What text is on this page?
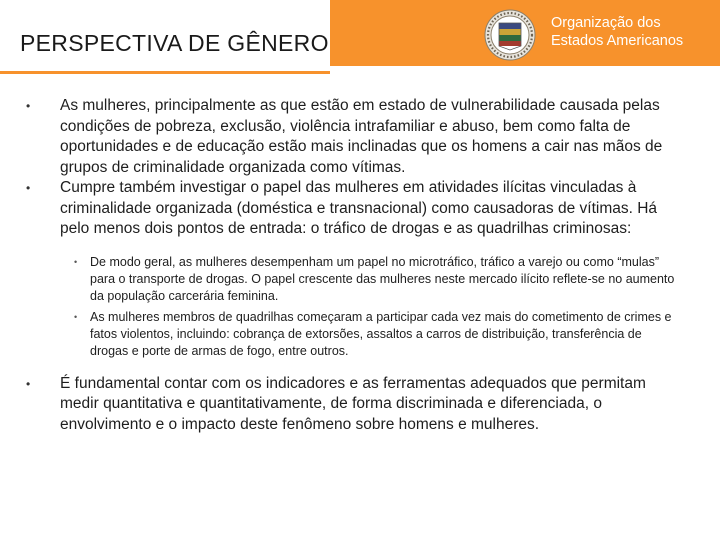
PERSPECTIVA DE GÊNERO
Organização dos
Estados Americanos
• As mulheres, principalmente as que estão em estado de vulnerabilidade causada pelas condições de pobreza, exclusão, violência intrafamiliar e abuso, bem como falta de oportunidades e de educação estão mais inclinadas que os homens a cair nas mãos de grupos de criminalidade organizada como vítimas.
• Cumpre também investigar o papel das mulheres em atividades ilícitas vinculadas à criminalidade organizada (doméstica e transnacional) como causadoras de vítimas. Há pelo menos dois pontos de entrada: o tráfico de drogas e as quadrilhas criminosas:
• De modo geral, as mulheres desempenham um papel no microtráfico, tráfico a varejo ou como “mulas” para o transporte de drogas. O papel crescente das mulheres neste mercado ilícito reflete-se no aumento da população carcerária feminina.
• As mulheres membros de quadrilhas começaram a participar cada vez mais do cometimento de crimes e fatos violentos, incluindo: cobrança de extorsões, assaltos a carros de distribuição, transferência de drogas e porte de armas de fogo, entre outros.
• É fundamental contar com os indicadores e as ferramentas adequados que permitam medir quantitativa e quantitativamente, de forma discriminada e diferenciada, o envolvimento e o impacto deste fenômeno sobre homens e mulheres.
